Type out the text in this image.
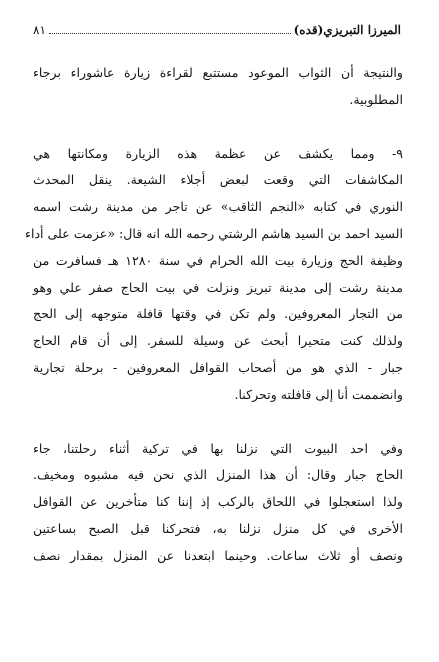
الميرزا التبريزي(قده)
٨١

والنتيجة أن الثواب الموعود مستتبع لقراءة زيارة عاشوراء برجاء
المطلوبية.

٩- ومما يكشف عن عظمة هذه الزيارة ومكانتها هي
المكاشفات التي وقعت لبعض أجلاء الشيعة. ينقل المحدث
النوري في كتابه «النجم الثاقب» عن تاجر من مدينة رشت اسمه
السيد احمد بن السيد هاشم الرشتي رحمه الله انه قال: «عزمت على أداء
وظيفة الحج وزيارة بيت الله الحرام في سنة ١٢٨٠ هـ فسافرت من
مدينة رشت إلى مدينة تبريز ونزلت في بيت الحاج صفر علي وهو
من التجار المعروفين. ولم تكن في وقتها قافلة متوجهه إلى الحج
ولذلك كنت متحيرا أبحث عن وسيلة للسفر. إلى أن قام الحاج
جبار - الذي هو من أصحاب القوافل المعروفين - برحلة تجارية
وانضممت أنا إلى قافلته وتحركنا.

وفي احد البيوت التي نزلنا بها في تركية أثناء رحلتنا، جاء
الحاج جبار وقال: أن هذا المنزل الذي نحن فيه مشبوه ومخيف.
ولذا استعجلوا في اللحاق بالركب إذ إننا كنا متأخرين عن القوافل
الأخرى في كل منزل نزلنا به، فتحركنا قبل الصبح بساعتين
ونصف أو ثلاث ساعات. وحينما ابتعدنا عن المنزل بمقدار نصف
